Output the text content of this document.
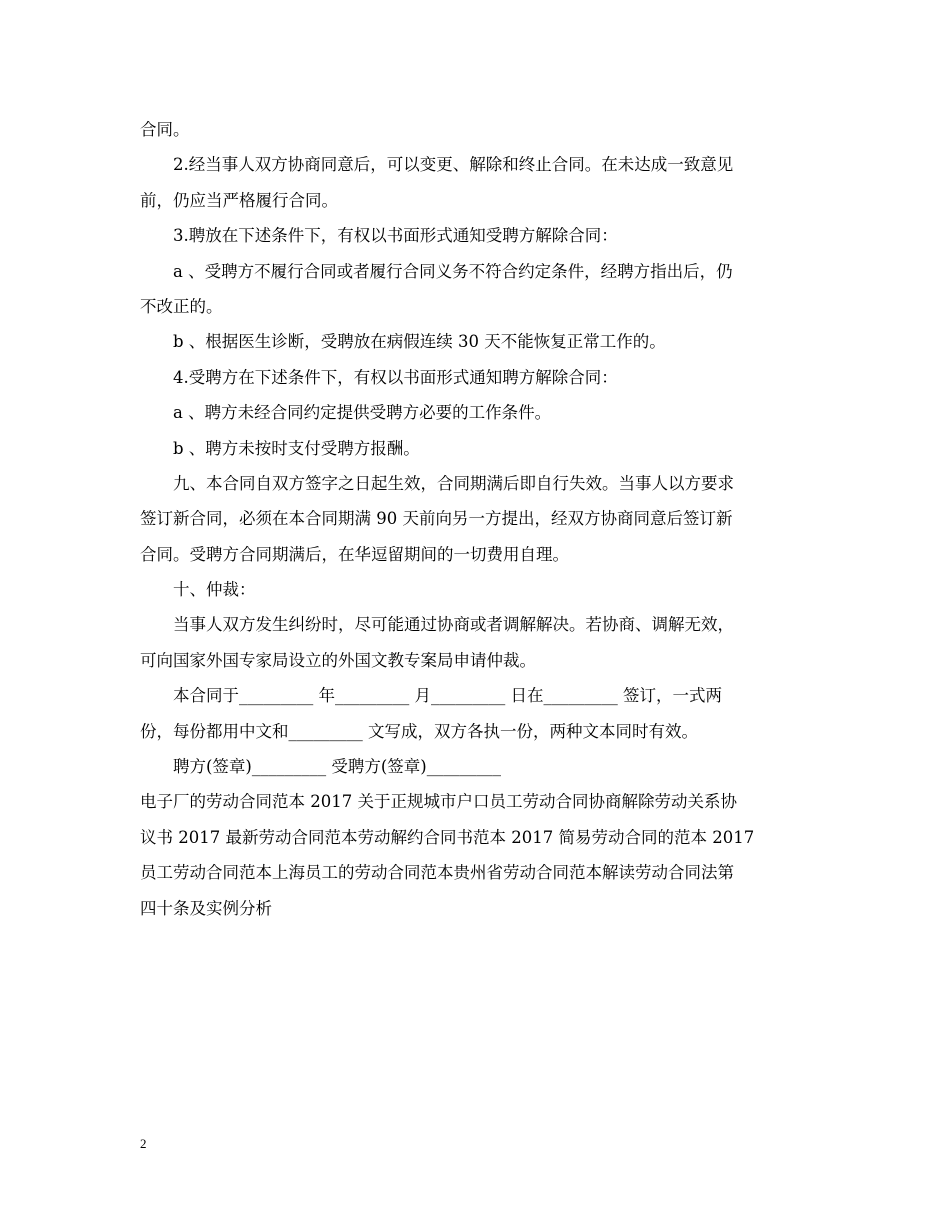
合同。

2.经当事人双方协商同意后，可以变更、解除和终止合同。在未达成一致意见
前，仍应当严格履行合同。

3.聘放在下述条件下，有权以书面形式通知受聘方解除合同：

a 、受聘方不履行合同或者履行合同义务不符合约定条件，经聘方指出后，仍
不改正的。

b 、根据医生诊断，受聘放在病假连续 30 天不能恢复正常工作的。

4.受聘方在下述条件下，有权以书面形式通知聘方解除合同：

a 、聘方未经合同约定提供受聘方必要的工作条件。

b 、聘方未按时支付受聘方报酬。

九、本合同自双方签字之日起生效，合同期满后即自行失效。当事人以方要求
签订新合同，必须在本合同期满 90 天前向另一方提出，经双方协商同意后签订新
合同。受聘方合同期满后，在华逗留期间的一切费用自理。

十、仲裁：

当事人双方发生纠纷时，尽可能通过协商或者调解解决。若协商、调解无效，
可向国家外国专家局设立的外国文教专案局申请仲裁。

本合同于_________ 年_________ 月_________ 日在_________ 签订，一式两
份，每份都用中文和_________ 文写成，双方各执一份，两种文本同时有效。

聘方(签章)_________ 受聘方(签章)_________

电子厂的劳动合同范本 2017 关于正规城市户口员工劳动合同协商解除劳动关系协
议书 2017 最新劳动合同范本劳动解约合同书范本 2017 简易劳动合同的范本 2017
员工劳动合同范本上海员工的劳动合同范本贵州省劳动合同范本解读劳动合同法第
四十条及实例分析

2
